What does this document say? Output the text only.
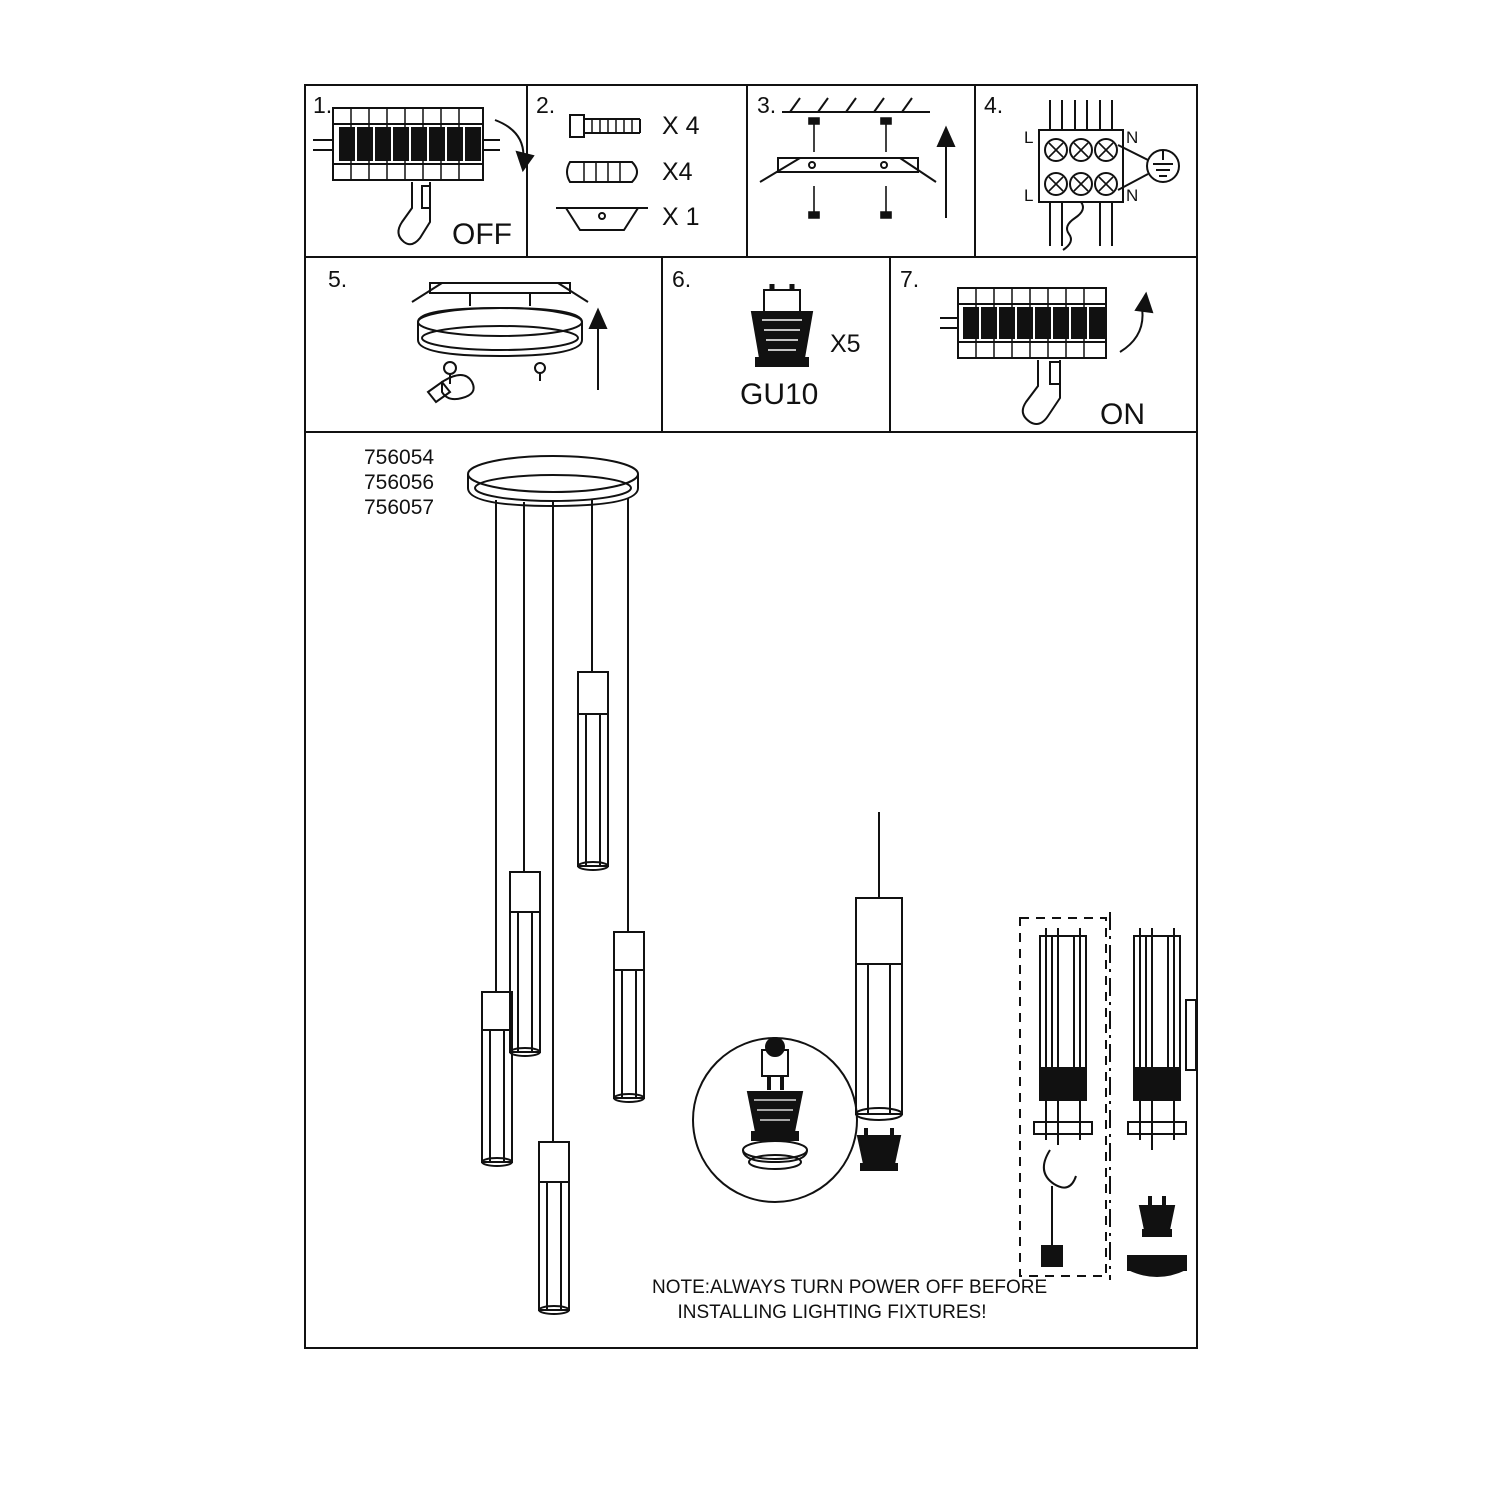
1.
OFF
2.
X 4
X4
X 1
3.	4.
L	N
L	N
5.	6.
X5
GU10
7.
ON
756054
756056
756057
NOTE:ALWAYS TURN POWER OFF BEFORE
INSTALLING LIGHTING FIXTURES!
